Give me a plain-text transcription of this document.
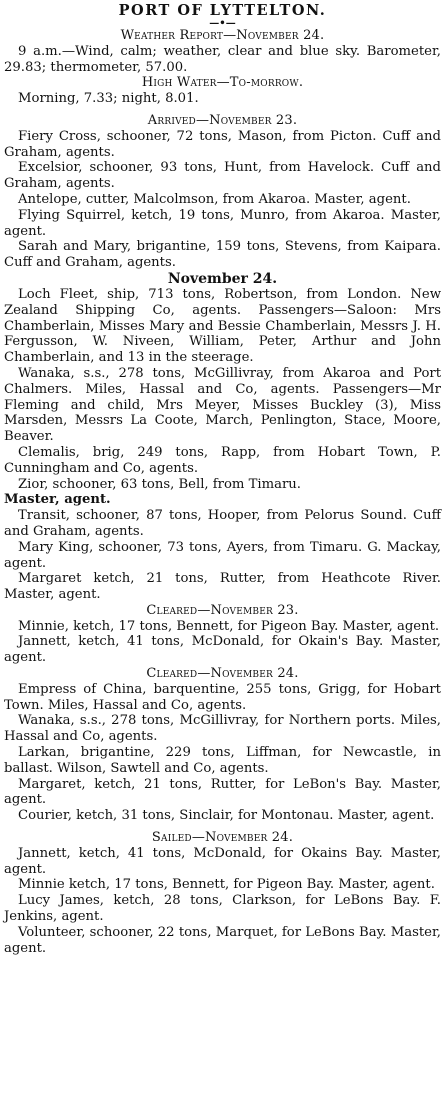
PORT OF LYTTELTON.
—•—
Weather Report—November 24.

9 a.m.—Wind, calm; weather, clear and blue sky. Barometer, 29.83; thermometer, 57.00.

High Water—To-morrow.

Morning, 7.33; night, 8.01.

Arrived—November 23.

Fiery Cross, schooner, 72 tons, Mason, from Picton. Cuff and Graham, agents.

Excelsior, schooner, 93 tons, Hunt, from Havelock. Cuff and Graham, agents.

Antelope, cutter, Malcolmson, from Akaroa. Master, agent.

Flying Squirrel, ketch, 19 tons, Munro, from Akaroa. Master, agent.

Sarah and Mary, brigantine, 159 tons, Stevens, from Kaipara. Cuff and Graham, agents.

November 24.

Loch Fleet, ship, 713 tons, Robertson, from London. New Zealand Shipping Co, agents. Passengers—Saloon: Mrs Chamberlain, Misses Mary and Bessie Chamberlain, Messrs J. H. Fergusson, W. Niveen, William, Peter, Arthur and John Chamberlain, and 13 in the steerage.

Wanaka, s.s., 278 tons, McGillivray, from Akaroa and Port Chalmers. Miles, Hassal and Co, agents. Passengers—Mr Fleming and child, Mrs Meyer, Misses Buckley (3), Miss Marsden, Messrs La Coote, March, Penlington, Stace, Moore, Beaver.

Clemalis, brig, 249 tons, Rapp, from Hobart Town, P. Cunningham and Co, agents.

Zior, schooner, 63 tons, Bell, from Timaru.

Master, agent.

Transit, schooner, 87 tons, Hooper, from Pelorus Sound. Cuff and Graham, agents.

Mary King, schooner, 73 tons, Ayers, from Timaru. G. Mackay, agent.

Margaret ketch, 21 tons, Rutter, from Heathcote River. Master, agent.

Cleared—November 23.

Minnie, ketch, 17 tons, Bennett, for Pigeon Bay. Master, agent.

Jannett, ketch, 41 tons, McDonald, for Okain's Bay. Master, agent.

Cleared—November 24.

Empress of China, barquentine, 255 tons, Grigg, for Hobart Town. Miles, Hassal and Co, agents.

Wanaka, s.s., 278 tons, McGillivray, for Northern ports. Miles, Hassal and Co, agents.

Larkan, brigantine, 229 tons, Liffman, for Newcastle, in ballast. Wilson, Sawtell and Co, agents.

Margaret, ketch, 21 tons, Rutter, for LeBon's Bay. Master, agent.

Courier, ketch, 31 tons, Sinclair, for Montonau. Master, agent.

Sailed—November 24.

Jannett, ketch, 41 tons, McDonald, for Okains Bay. Master, agent.

Minnie ketch, 17 tons, Bennett, for Pigeon Bay. Master, agent.

Lucy James, ketch, 28 tons, Clarkson, for LeBons Bay. F. Jenkins, agent.

Volunteer, schooner, 22 tons, Marquet, for LeBons Bay. Master, agent.
